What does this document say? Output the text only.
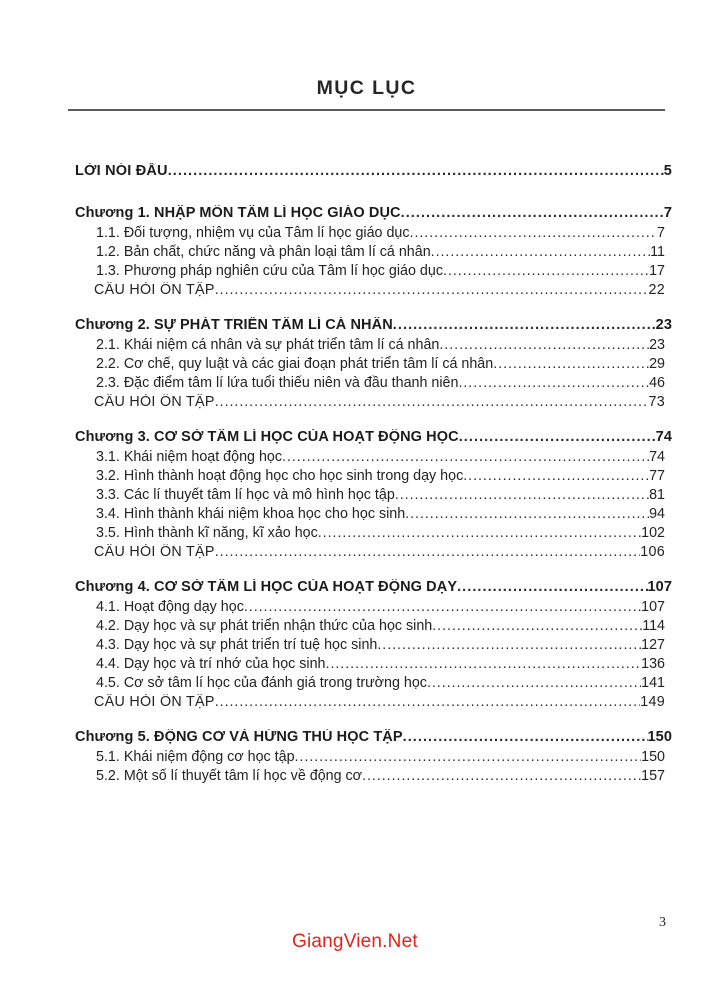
MỤC LỤC
LỜI NÓI ĐẦU .....	5
Chương 1. NHẬP MÔN TÂM LÍ HỌC GIÁO DỤC .....	7
1.1. Đối tượng, nhiệm vụ của Tâm lí học giáo dục .....	7
1.2. Bản chất, chức năng và phân loại tâm lí cá nhân .....	11
1.3. Phương pháp nghiên cứu của Tâm lí học giáo dục .....	17
CÂU HỎI ÔN TẬP .....	22
Chương 2. SỰ PHÁT TRIỂN TÂM LÍ CÁ NHÂN .....	23
2.1. Khái niệm cá nhân và sự phát triển tâm lí cá nhân .....	23
2.2. Cơ chế, quy luật và các giai đoạn phát triển tâm lí cá nhân .....	29
2.3. Đặc điểm tâm lí lứa tuổi thiếu niên và đầu thanh niên .....	46
CÂU HỎI ÔN TẬP .....	73
Chương 3. CƠ SỞ TÂM LÍ HỌC CỦA HOẠT ĐỘNG HỌC .....	74
3.1. Khái niệm hoạt động học .....	74
3.2. Hình thành hoạt động học cho học sinh trong dạy học .....	77
3.3. Các lí thuyết tâm lí học và mô hình học tập .....	81
3.4. Hình thành khái niệm khoa học cho học sinh .....	94
3.5. Hình thành kĩ năng, kĩ xảo học .....	102
CÂU HỎI ÔN TẬP .....	106
Chương 4. CƠ SỞ TÂM LÍ HỌC CỦA HOẠT ĐỘNG DẠY .....	107
4.1. Hoạt động dạy học .....	107
4.2. Dạy học và sự phát triển nhận thức của học sinh .....	114
4.3. Dạy học và sự phát triển trí tuệ học sinh .....	127
4.4. Dạy học và trí nhớ của học sinh .....	136
4.5. Cơ sở tâm lí học của đánh giá trong trường học .....	141
CÂU HỎI ÔN TẬP .....	149
Chương 5. ĐỘNG CƠ VÀ HỨNG THÚ HỌC TẬP .....	150
5.1. Khái niệm động cơ học tập .....	150
5.2. Một số lí thuyết tâm lí học về động cơ .....	157
GiangVien.Net
3
